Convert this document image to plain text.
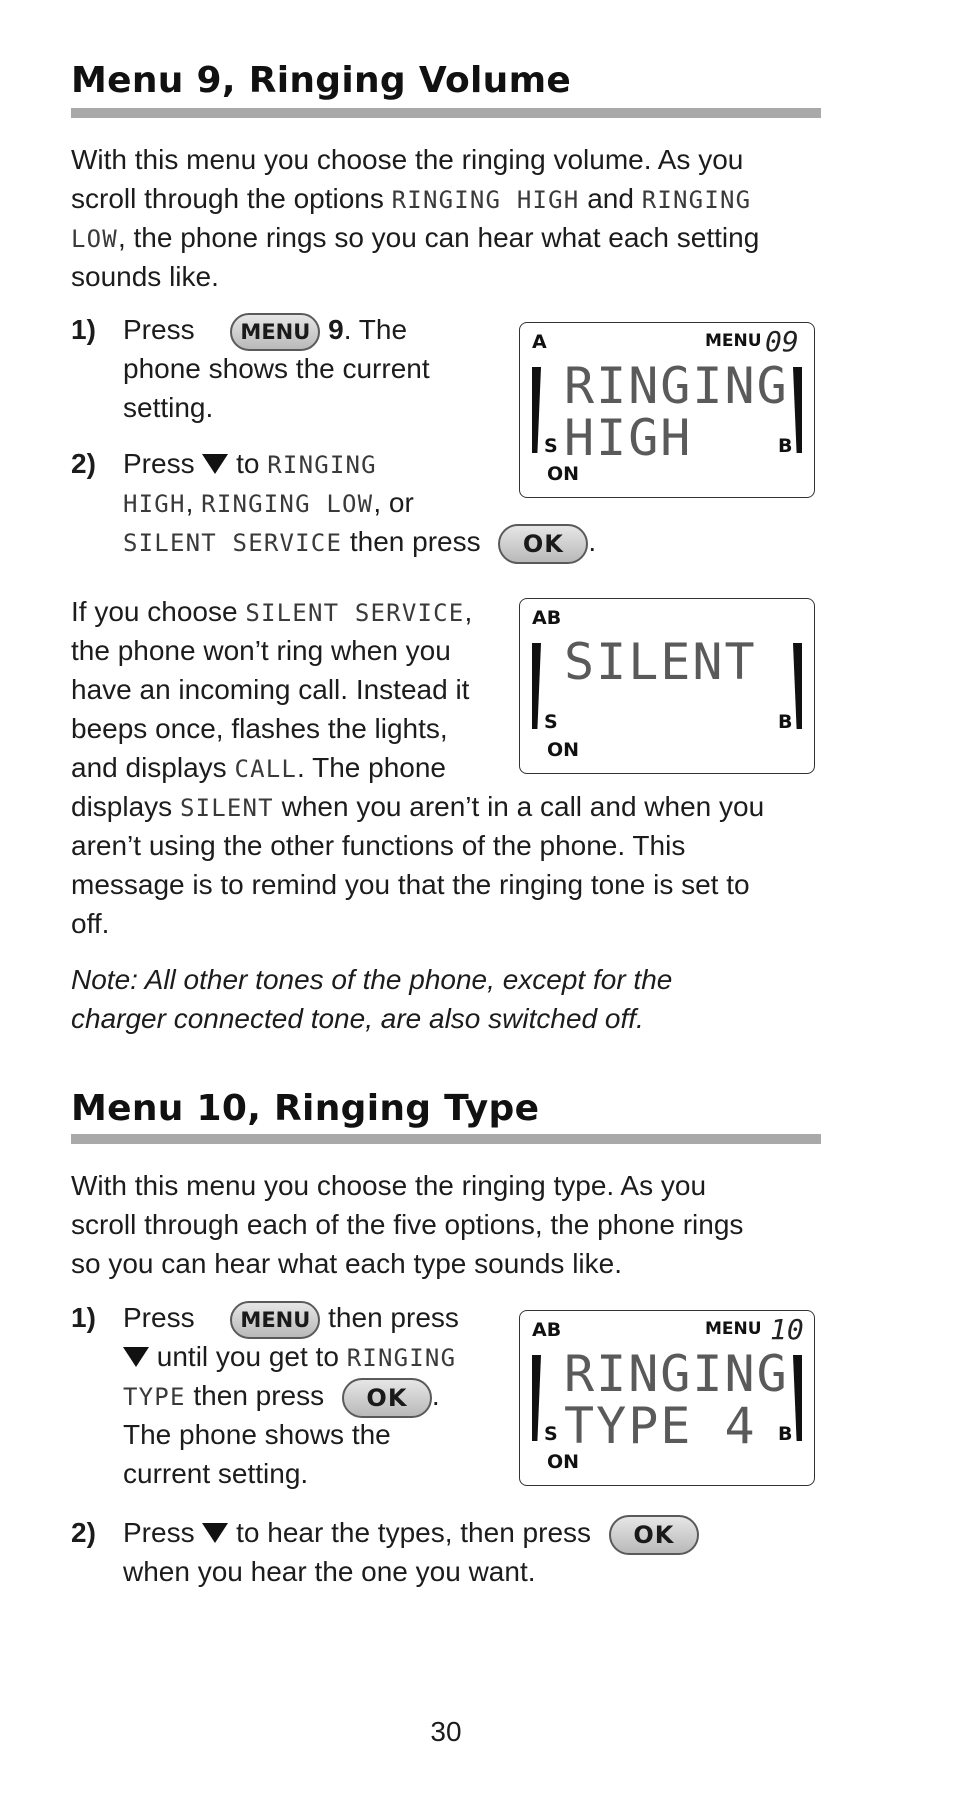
Menu 9, Ringing Volume
With this menu you choose the ringing volume. As you
scroll through the options RINGING HIGH and RINGING
LOW, the phone rings so you can hear what each setting
sounds like.
1) Press MENU 9. The
phone shows the current
setting.
2) Press  to RINGING
HIGH, RINGING LOW, or
SILENT SERVICE then press OK .
A	MENU 09
RINGING
HIGH
S	B
ON
If you choose SILENT SERVICE,
the phone won’t ring when you
have an incoming call. Instead it
beeps once, flashes the lights,
and displays CALL. The phone
displays SILENT when you aren’t in a call and when you
aren’t using the other functions of the phone. This
message is to remind you that the ringing tone is set to
off.
AB
SILENT
S	B
ON
Note: All other tones of the phone, except for the
charger connected tone, are also switched off.
Menu 10, Ringing Type
With this menu you choose the ringing type. As you
scroll through each of the five options, the phone rings
so you can hear what each type sounds like.
1) Press MENU then press
until you get to RINGING
TYPE then press OK .
The phone shows the
current setting.
AB	MENU 10
RINGING
TYPE 4
S	B
ON
2) Press  to hear the types, then press OK
when you hear the one you want.
30
